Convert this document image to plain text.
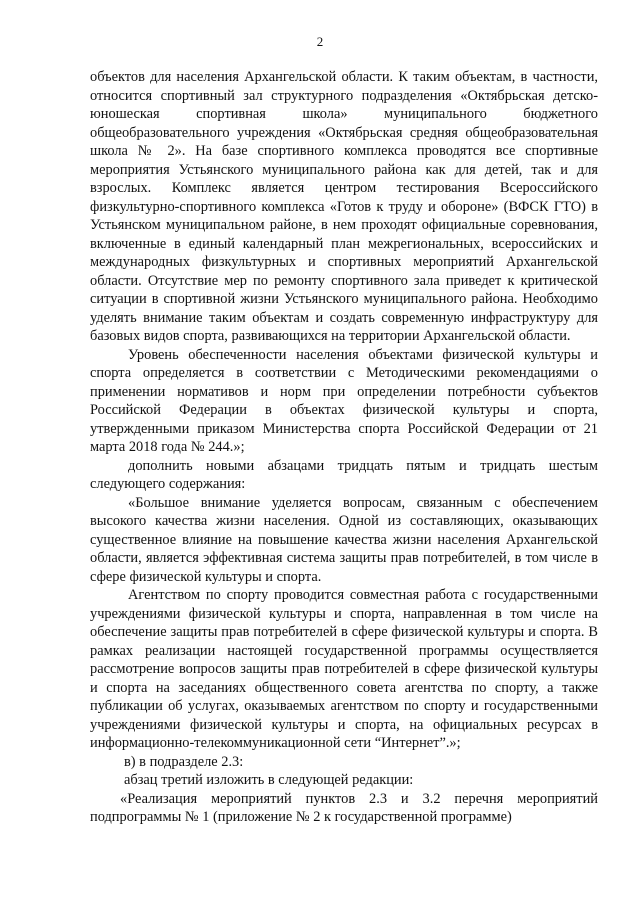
2

объектов для населения Архангельской области. К таким объектам, в частности, относится спортивный зал структурного подразделения «Октябрьская детско-юношеская спортивная школа» муниципального бюджетного общеобразовательного учреждения «Октябрьская средняя общеобразовательная школа № 2». На базе спортивного комплекса проводятся все спортивные мероприятия Устьянского муниципального района как для детей, так и для взрослых. Комплекс является центром тестирования Всероссийского физкультурно-спортивного комплекса «Готов к труду и обороне» (ВФСК ГТО) в Устьянском муниципальном районе, в нем проходят официальные соревнования, включенные в единый календарный план межрегиональных, всероссийских и международных физкультурных и спортивных мероприятий Архангельской области. Отсутствие мер по ремонту спортивного зала приведет к критической ситуации в спортивной жизни Устьянского муниципального района. Необходимо уделять внимание таким объектам и создать современную инфраструктуру для базовых видов спорта, развивающихся на территории Архангельской области.

Уровень обеспеченности населения объектами физической культуры и спорта определяется в соответствии с Методическими рекомендациями о применении нормативов и норм при определении потребности субъектов Российской Федерации в объектах физической культуры и спорта, утвержденными приказом Министерства спорта Российской Федерации от 21 марта 2018 года № 244.»;

дополнить новыми абзацами тридцать пятым и тридцать шестым следующего содержания:

«Большое внимание уделяется вопросам, связанным с обеспечением высокого качества жизни населения. Одной из составляющих, оказывающих существенное влияние на повышение качества жизни населения Архангельской области, является эффективная система защиты прав потребителей, в том числе в сфере физической культуры и спорта.

Агентством по спорту проводится совместная работа с государственными учреждениями физической культуры и спорта, направленная в том числе на обеспечение защиты прав потребителей в сфере физической культуры и спорта. В рамках реализации настоящей государственной программы осуществляется рассмотрение вопросов защиты прав потребителей в сфере физической культуры и спорта на заседаниях общественного совета агентства по спорту, а также публикации об услугах, оказываемых агентством по спорту и государственными учреждениями физической культуры и спорта, на официальных ресурсах в информационно-телекоммуникационной сети “Интернет”.»;

в) в подразделе 2.3:

абзац третий изложить в следующей редакции:

«Реализация мероприятий пунктов 2.3 и 3.2 перечня мероприятий подпрограммы № 1 (приложение № 2 к государственной программе)
